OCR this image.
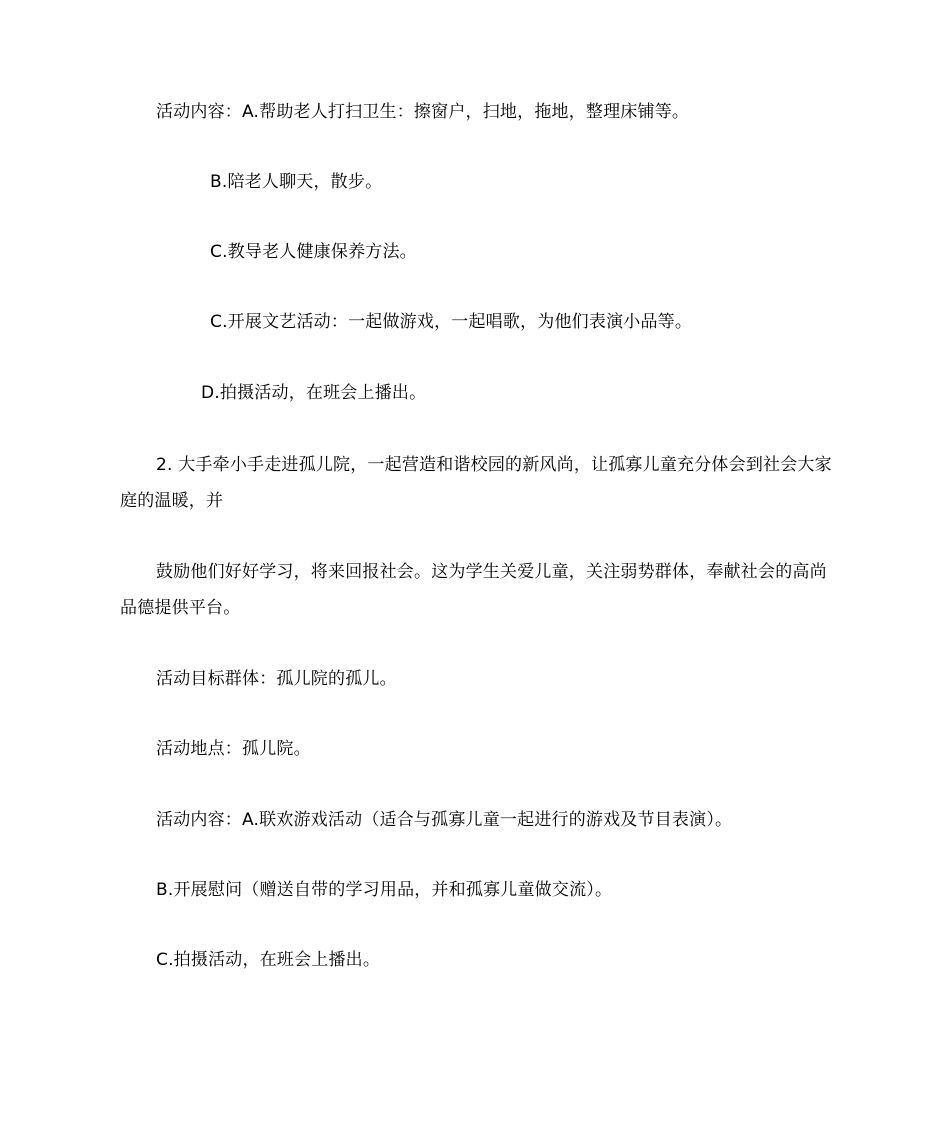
活动内容：A.帮助老人打扫卫生：擦窗户，扫地，拖地，整理床铺等。
B.陪老人聊天，散步。
C.教导老人健康保养方法。
C.开展文艺活动：一起做游戏，一起唱歌，为他们表演小品等。
D.拍摄活动，在班会上播出。
2. 大手牵小手走进孤儿院，一起营造和谐校园的新风尚，让孤寡儿童充分体会到社会大家庭的温暖，并
鼓励他们好好学习，将来回报社会。这为学生关爱儿童，关注弱势群体，奉献社会的高尚品德提供平台。
活动目标群体：孤儿院的孤儿。
活动地点：孤儿院。
活动内容：A.联欢游戏活动（适合与孤寡儿童一起进行的游戏及节目表演）。
B.开展慰问（赠送自带的学习用品，并和孤寡儿童做交流）。
C.拍摄活动，在班会上播出。
